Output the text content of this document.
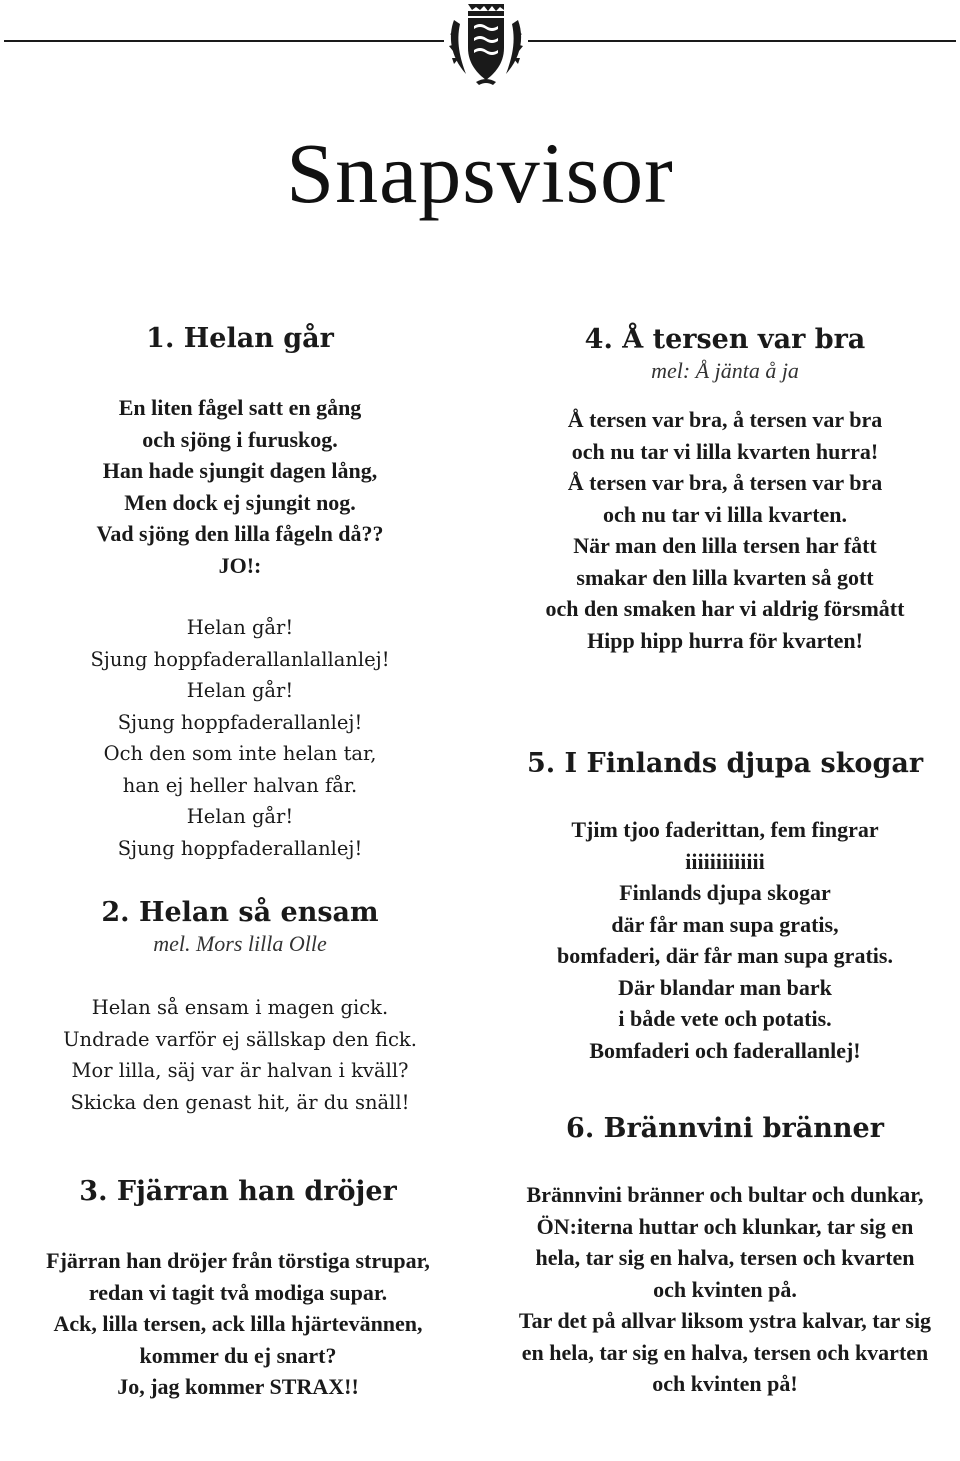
Snapsvisor
1. Helan går
En liten fågel satt en gång
och sjöng i furuskog.
Han hade sjungit dagen lång,
Men dock ej sjungit nog.
Vad sjöng den lilla fågeln då??
JO!:
Helan går!
Sjung hoppfaderallanlallanlej!
Helan går!
Sjung hoppfaderallanlej!
Och den som inte helan tar,
han ej heller halvan får.
Helan går!
Sjung hoppfaderallanlej!
2. Helan så ensam
mel. Mors lilla Olle
Helan så ensam i magen gick.
Undrade varför ej sällskap den fick.
Mor lilla, säj var är halvan i kväll?
Skicka den genast hit, är du snäll!
3. Fjärran han dröjer
Fjärran han dröjer från törstiga strupar,
redan vi tagit två modiga supar.
Ack, lilla tersen, ack lilla hjärtevännen,
kommer du ej snart?
Jo, jag kommer STRAX!!
4. Å tersen var bra
mel: Å jänta å ja
Å tersen var bra, å tersen var bra
och nu tar vi lilla kvarten hurra!
Å tersen var bra, å tersen var bra
och nu tar vi lilla kvarten.
När man den lilla tersen har fått
smakar den lilla kvarten så gott
och den smaken har vi aldrig försmått
Hipp hipp hurra för kvarten!
5. I Finlands djupa skogar
Tjim tjoo faderittan, fem fingrar
iiiiiiiiiiiii
Finlands djupa skogar
där får man supa gratis,
bomfaderi, där får man supa gratis.
Där blandar man bark
i både vete och potatis.
Bomfaderi och faderallanlej!
6. Brännvini bränner
Brännvini bränner och bultar och dunkar,
ÖN:iterna huttar och klunkar, tar sig en
hela, tar sig en halva, tersen och kvarten
och kvinten på.
Tar det på allvar liksom ystra kalvar, tar sig
en hela, tar sig en halva, tersen och kvarten
och kvinten på!
